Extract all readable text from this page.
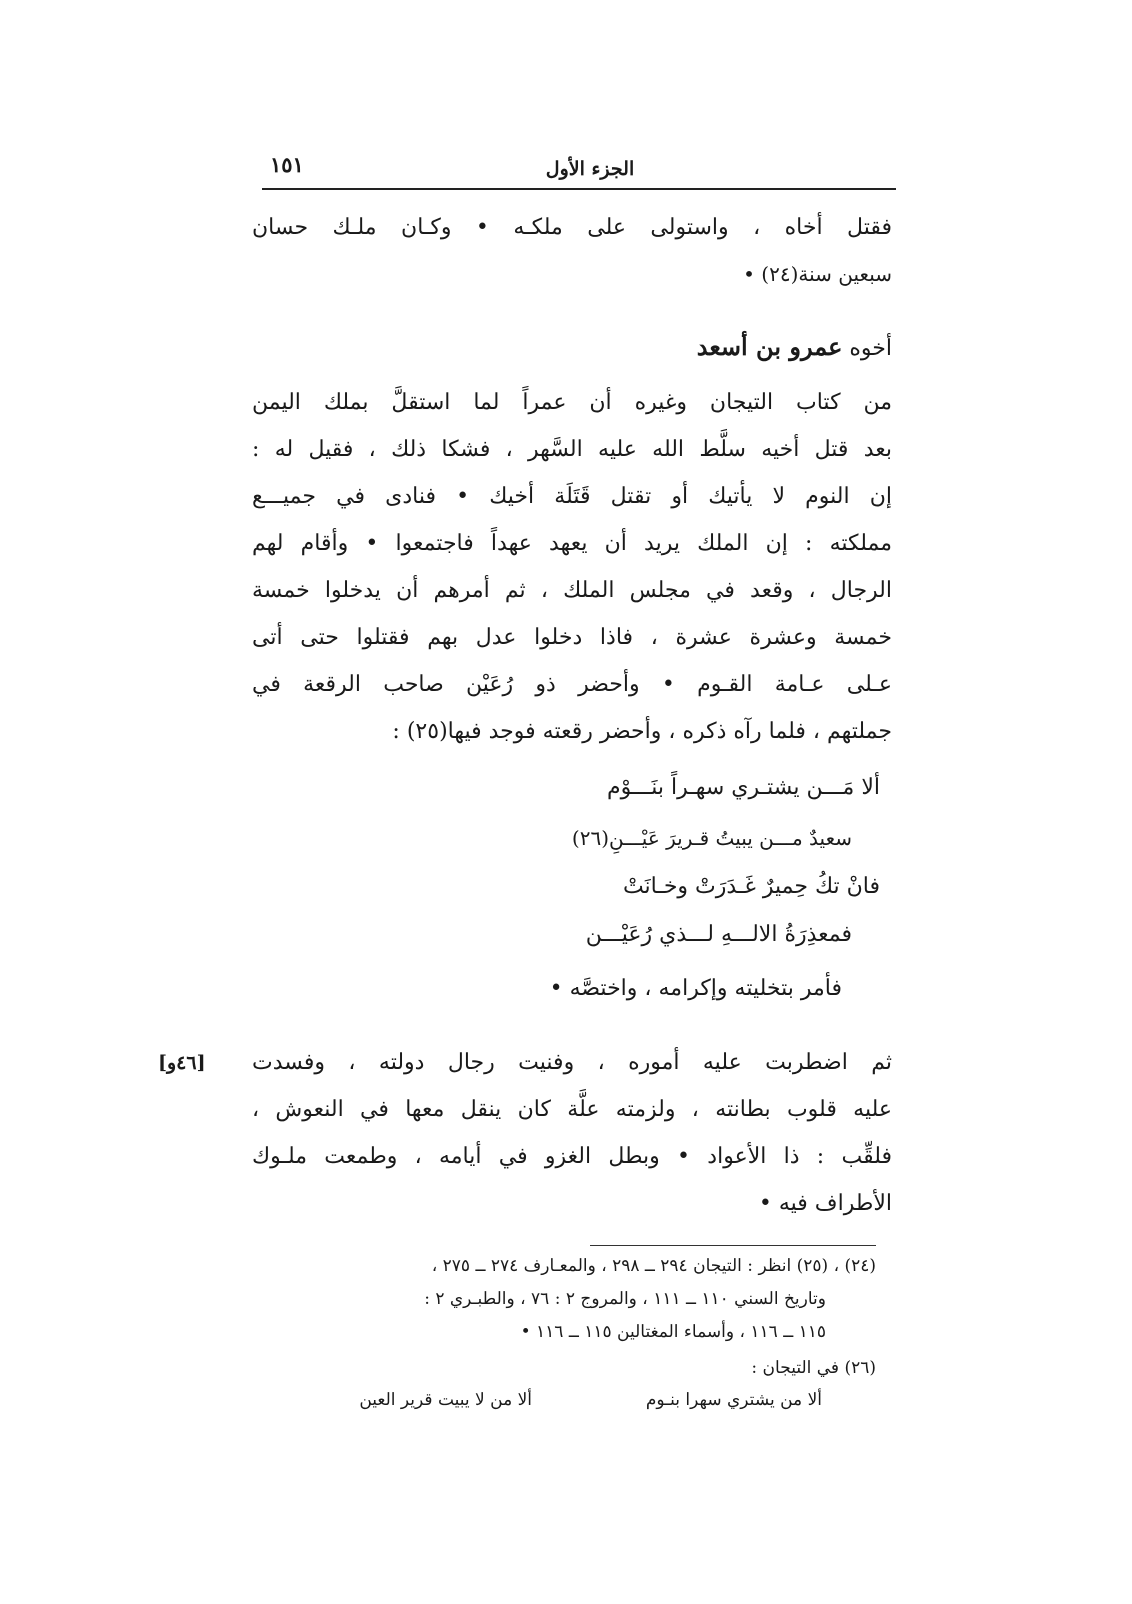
الجزء الأول
١٥١
فقتل أخاه ، واستولى على ملكـه • وكـان ملـك حسان
سبعين سنة(٢٤) •
أخوه عمرو بن أسعد
من كتاب التيجان وغيره أن عمراً لما استقلَّ بملك اليمن
بعد قتل أخيه سلَّط الله عليه السَّهر ، فشكا ذلك ، فقيل له :
إن النوم لا يأتيك أو تقتل قَتَلَة أخيك • فنادى في جميـــع
مملكته : إن الملك يريد أن يعهد عهداً فاجتمعوا • وأقام لهم
الرجال ، وقعد في مجلس الملك ، ثم أمرهم أن يدخلوا خمسة
خمسة وعشرة عشرة ، فاذا دخلوا عدل بهم فقتلوا حتى أتى
عـلى عـامة القـوم • وأحضر ذو رُعَيْن صاحب الرقعة في
جملتهم ، فلما رآه ذكره ، وأحضر رقعته فوجد فيها(٢٥) :
ألا مَـــن يشتـري سهـراً بنَـــوْم
سعيدٌ مـــن يبيتُ قـريرَ عَيْـــنِ(٢٦)
فانْ تكُ حِميرٌ غَـدَرَتْ وخـانَتْ
فمعذِرَةُ الالـــهِ لـــذي رُعَيْـــن
فأمر بتخليته وإكرامه ، واختصَّه •
[٤٦و] ثم اضطربت عليه أموره ، وفنيت رجال دولته ، وفسدت
عليه قلوب بطانته ، ولزمته علَّة كان ينقل معها في النعوش ،
فلقِّب : ذا الأعواد • وبطل الغزو في أيامه ، وطمعت ملـوك
الأطراف فيه •
(٢٤) ، (٢٥) انظر : التيجان ٢٩٤ ــ ٢٩٨ ، والمعـارف ٢٧٤ ــ ٢٧٥ ،
وتاريخ السني ١١٠ ــ ١١١ ، والمروج ٢ : ٧٦ ، والطبـري ٢ :
١١٥ ــ ١١٦ ، وأسماء المغتالين ١١٥ ــ ١١٦ •
(٢٦) في التيجان :
ألا من يشتري سهرا بنـوم
ألا من لا يبيت قرير العين
